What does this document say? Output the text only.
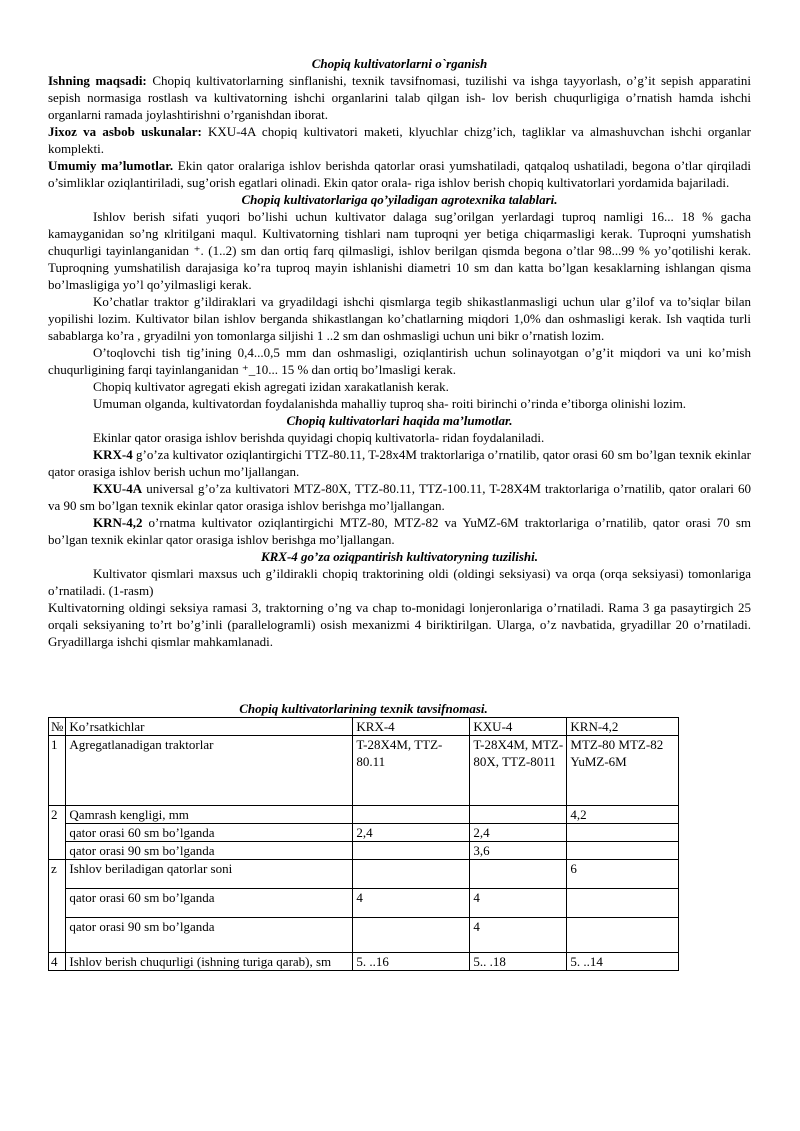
Chopiq kultivatorlarni o`rganish

Ishning maqsadi: Chopiq kultivatorlarning sinflanishi, texnik tavsifnomasi, tuzilishi va ishga tayyorlash, o’g’it sepish apparatini sepish normasiga rostlash va kultivatorning ishchi organlarini talab qilgan ish- lov berish chuqurligiga o’rnatish hamda ishchi organlarni ramada joylashtirishni o’rganishdan iborat.

Jixoz va asbob uskunalar: KXU-4A chopiq kultivatori maketi, klyuchlar chizg’ich, tagliklar va almashuvchan ishchi organlar komplekti.

Umumiy ma’lumotlar. Ekin qator oralariga ishlov berishda qatorlar orasi yumshatiladi, qatqaloq ushatiladi, begona o’tlar qirqiladi o’simliklar oziqlantiriladi, sug’orish egatlari olinadi. Ekin qator orala- riga ishlov berish chopiq kultivatorlari yordamida bajariladi.

Chopiq kultivatorlariga qo’yiladigan agrotexnika talablari.

Ishlov berish sifati yuqori bo’lishi uchun kultivator dalaga sug’orilgan yerlardagi tuproq namligi 16... 18 % gacha kamayganidan so’ng кlritilgani maqul. Kultivatorning tishlari nam tuproqni yer betiga chiqarmasligi kerak. Tuproqni yumshatish chuqurligi tayinlanganidan ⁺. (1..2) sm dan ortiq farq qilmasligi, ishlov berilgan qismda begona o’tlar 98...99 % yo’qotilishi kerak. Tuproqning yumshatilish darajasiga ko’ra tuproq mayin ishlanishi diametri 10 sm dan katta bo’lgan kesaklarning ishlangan qisma bo’lmasligiga yo’l qo’yilmasligi kerak.

Ko’chatlar traktor g’ildiraklari va gryadildagi ishchi qismlarga tegib shikastlanmasligi uchun ular g’ilof va to’siqlar bilan yopilishi lozim. Kultivator bilan ishlov berganda shikastlangan ko’chatlarning miqdori 1,0% dan oshmasligi kerak. Ish vaqtida turli sabablarga ko’ra , gryadilni yon tomonlarga siljishi 1 ..2 sm dan oshmasligi uchun uni bikr o’rnatish lozim.

O’toqlovchi tish tig’ining 0,4...0,5 mm dan oshmasligi, oziqlantirish uchun solinayotgan o’g’it miqdori va uni ko’mish chuqurligining farqi tayinlanganidan ⁺_10... 15 % dan ortiq bo’lmasligi kerak.

Chopiq kultivator agregati ekish agregati izidan xarakatlanish kerak.

Umuman olganda, kultivatordan foydalanishda mahalliy tuproq sha- roiti birinchi o’rinda e’tiborga olinishi lozim.

Chopiq kultivatorlari haqida ma’lumotlar.

Ekinlar qator orasiga ishlov berishda quyidagi chopiq kultivatorla- ridan foydalaniladi.

KRX-4 g’o’za kultivator oziqlantirgichi TTZ-80.11, T-28x4M traktorlariga o’rnatilib, qator orasi 60 sm bo’lgan texnik ekinlar qator orasiga ishlov berish uchun mo’ljallangan.

KXU-4A universal g’o’za kultivatori MTZ-80X, TTZ-80.11, TTZ-100.11, T-28X4M traktorlariga o’rnatilib, qator oralari 60 va 90 sm bo’lgan texnik ekinlar qator orasiga ishlov berishga mo’ljallangan.

KRN-4,2 o’rnatma kultivator oziqlantirgichi MTZ-80, MTZ-82 va YuMZ-6M traktorlariga o’rnatilib, qator orasi 70 sm bo’lgan texnik ekinlar qator orasiga ishlov berishga mo’ljallangan.

KRX-4 go’za oziqpantirish kultivatoryning tuzilishi.

Kultivator qismlari maxsus uch g’ildirakli chopiq traktorining oldi (oldingi seksiyasi) va orqa (orqa seksiyasi) tomonlariga o’rnatiladi. (1-rasm)

Kultivatorning oldingi seksiya ramasi 3, traktorning o’ng va chap to-monidagi lonjeronlariga o’rnatiladi. Rama 3 ga pasaytirgich 25 orqali seksiyaning to’rt bo’g’inli (parallelogramli) osish mexanizmi 4 biriktirilgan. Ularga, o’z navbatida, gryadillar 20 o’rnatiladi. Gryadillarga ishchi qismlar mahkamlanadi.

Chopiq kultivatorlarining texnik tavsifnomasi.

№	Ko’rsatkichlar	KRX-4	KXU-4	KRN-4,2
1	Agregatlanadigan traktorlar	T-28X4M, TTZ-80.11	T-28X4M, MTZ-80X, TTZ-8011	MTZ-80 MTZ-82 YuMZ-6M
2	Qamrash kengligi, mm			4,2
	qator orasi 60 sm bo’lganda	2,4	2,4	
	qator orasi 90 sm bo’lganda		3,6	
z	Ishlov beriladigan qatorlar soni			6
	qator orasi 60 sm bo’lganda	4	4	
	qator orasi 90 sm bo’lganda		4	
4	Ishlov berish chuqurligi (ishning turiga qarab), sm	5. ..16	5.. .18	5. ..14
